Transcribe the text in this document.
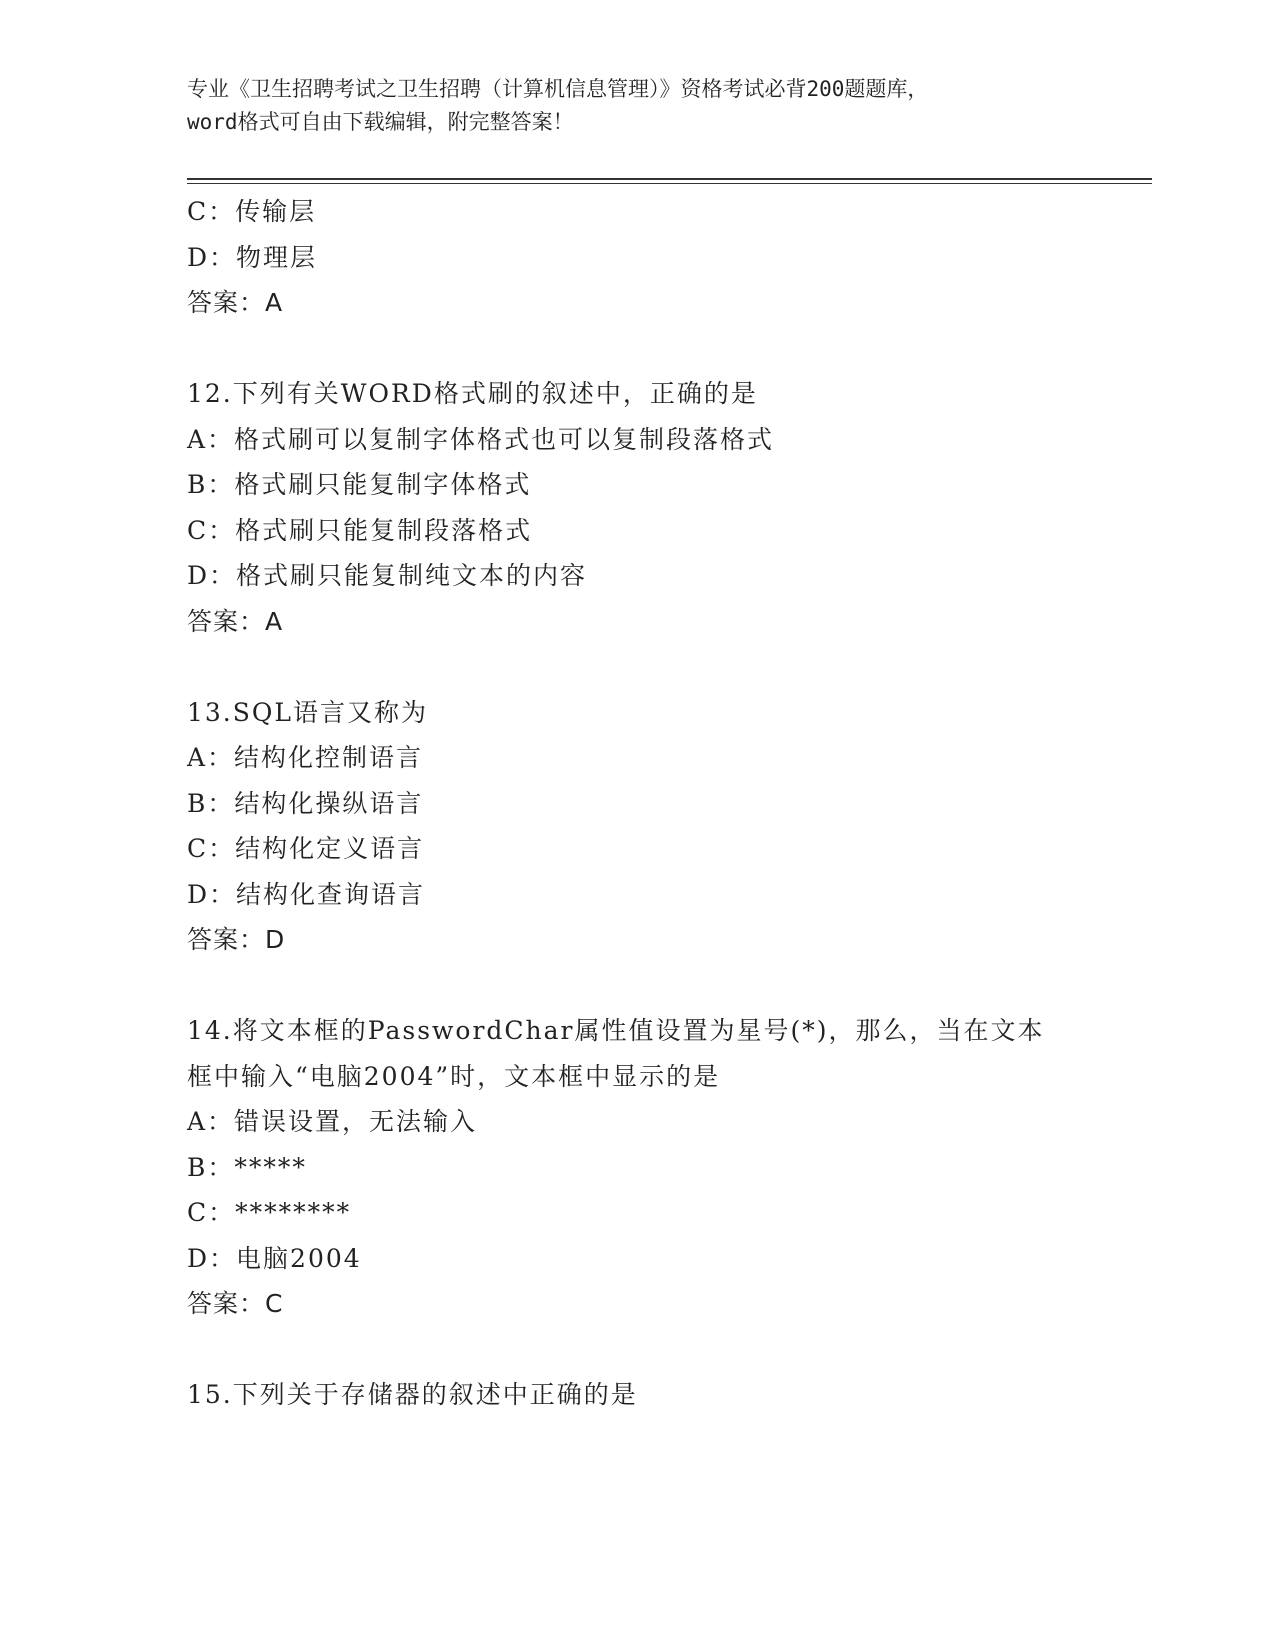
专业《卫生招聘考试之卫生招聘（计算机信息管理）》资格考试必背200题题库，
word格式可自由下载编辑，附完整答案！
C：传输层
D：物理层
答案：A
12.下列有关WORD格式刷的叙述中，正确的是
A：格式刷可以复制字体格式也可以复制段落格式
B：格式刷只能复制字体格式
C：格式刷只能复制段落格式
D：格式刷只能复制纯文本的内容
答案：A
13.SQL语言又称为
A：结构化控制语言
B：结构化操纵语言
C：结构化定义语言
D：结构化查询语言
答案：D
14.将文本框的PasswordChar属性值设置为星号(*)，那么，当在文本
框中输入“电脑2004”时，文本框中显示的是
A：错误设置，无法输入
B：*****
C：********
D：电脑2004
答案：C
15.下列关于存储器的叙述中正确的是
